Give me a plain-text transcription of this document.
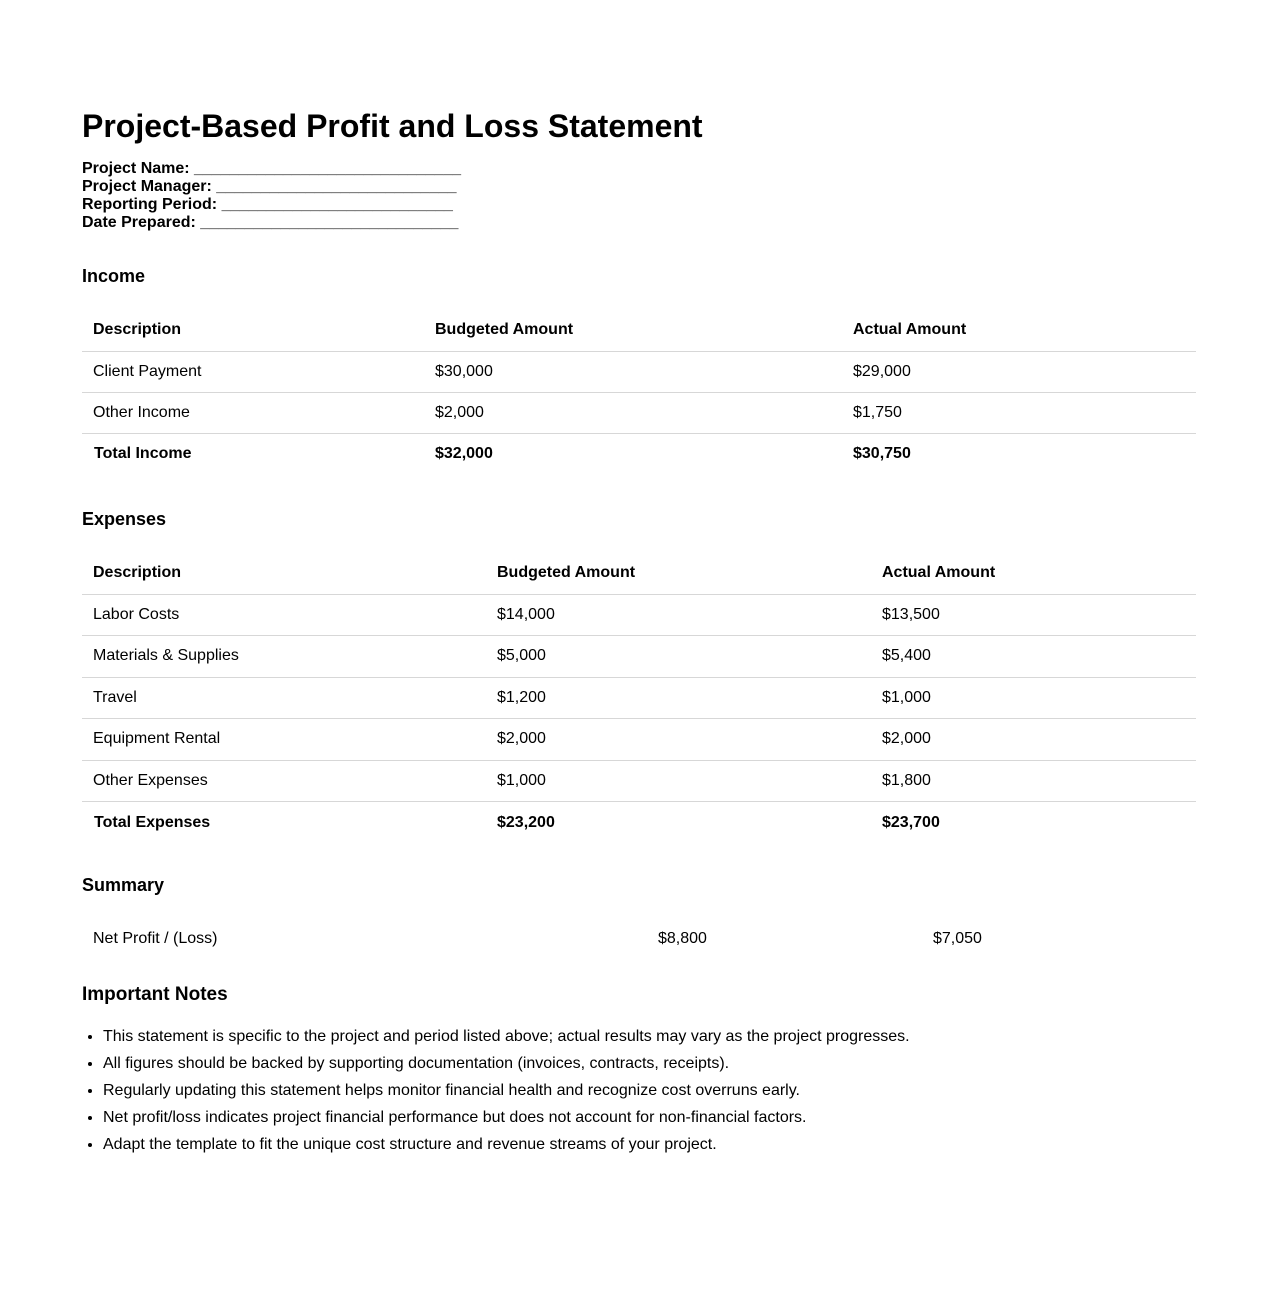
Project-Based Profit and Loss Statement
Project Name: ______________________________
Project Manager: ___________________________
Reporting Period: __________________________
Date Prepared: _____________________________
Income
Description	Budgeted Amount	Actual Amount
Client Payment	$30,000	$29,000
Other Income	$2,000	$1,750
Total Income	$32,000	$30,750
Expenses
Description	Budgeted Amount	Actual Amount
Labor Costs	$14,000	$13,500
Materials & Supplies	$5,000	$5,400
Travel	$1,200	$1,000
Equipment Rental	$2,000	$2,000
Other Expenses	$1,000	$1,800
Total Expenses	$23,200	$23,700
Summary
Net Profit / (Loss)	$8,800	$7,050
Important Notes
• This statement is specific to the project and period listed above; actual results may vary as the project progresses.
• All figures should be backed by supporting documentation (invoices, contracts, receipts).
• Regularly updating this statement helps monitor financial health and recognize cost overruns early.
• Net profit/loss indicates project financial performance but does not account for non-financial factors.
• Adapt the template to fit the unique cost structure and revenue streams of your project.
